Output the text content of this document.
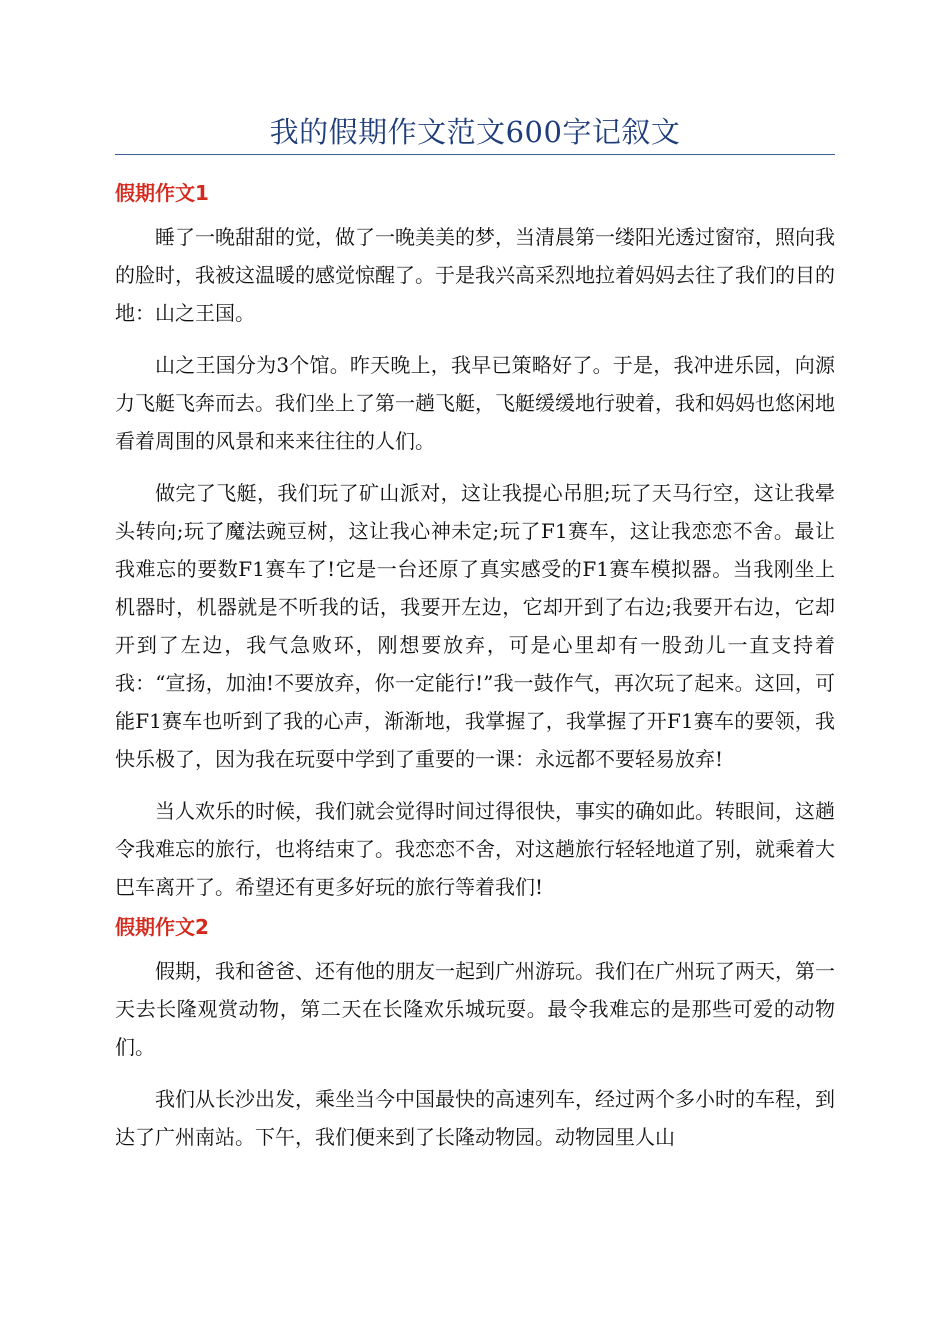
我的假期作文范文600字记叙文
假期作文1

睡了一晚甜甜的觉，做了一晚美美的梦，当清晨第一缕阳光透过窗帘，照向我的脸时，我被这温暖的感觉惊醒了。于是我兴高采烈地拉着妈妈去往了我们的目的地：山之王国。

山之王国分为3个馆。昨天晚上，我早已策略好了。于是，我冲进乐园，向源力飞艇飞奔而去。我们坐上了第一趟飞艇，飞艇缓缓地行驶着，我和妈妈也悠闲地看着周围的风景和来来往往的人们。

做完了飞艇，我们玩了矿山派对，这让我提心吊胆;玩了天马行空，这让我晕头转向;玩了魔法豌豆树，这让我心神未定;玩了F1赛车，这让我恋恋不舍。最让我难忘的要数F1赛车了!它是一台还原了真实感受的F1赛车模拟器。当我刚坐上机器时，机器就是不听我的话，我要开左边，它却开到了右边;我要开右边，它却开到了左边，我气急败环，刚想要放弃，可是心里却有一股劲儿一直支持着我：“宣扬，加油!不要放弃，你一定能行!”我一鼓作气，再次玩了起来。这回，可能F1赛车也听到了我的心声，渐渐地，我掌握了，我掌握了开F1赛车的要领，我快乐极了，因为我在玩耍中学到了重要的一课：永远都不要轻易放弃!

当人欢乐的时候，我们就会觉得时间过得很快，事实的确如此。转眼间，这趟令我难忘的旅行，也将结束了。我恋恋不舍，对这趟旅行轻轻地道了别，就乘着大巴车离开了。希望还有更多好玩的旅行等着我们!

假期作文2

假期，我和爸爸、还有他的朋友一起到广州游玩。我们在广州玩了两天，第一天去长隆观赏动物，第二天在长隆欢乐城玩耍。最令我难忘的是那些可爱的动物们。

我们从长沙出发，乘坐当今中国最快的高速列车，经过两个多小时的车程，到达了广州南站。下午，我们便来到了长隆动物园。动物园里人山
